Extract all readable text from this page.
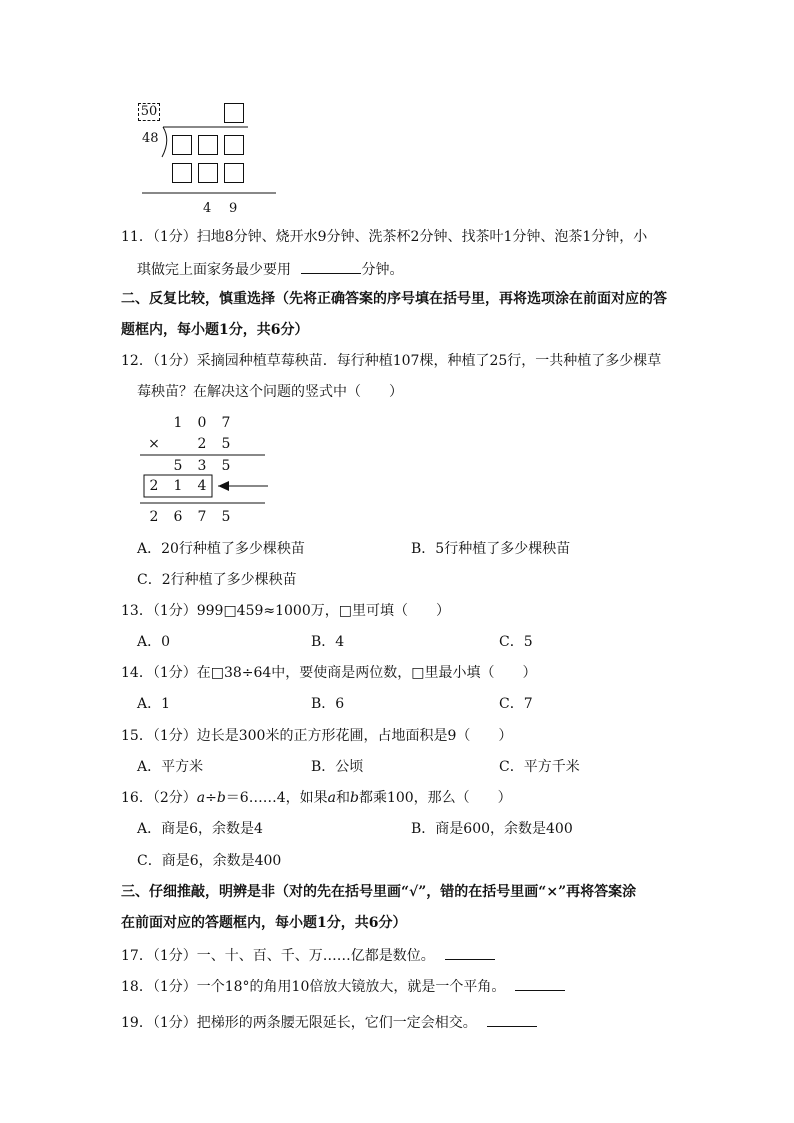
50
48
4 9
11．（1分）扫地8分钟、烧开水9分钟、洗茶杯2分钟、找茶叶1分钟、泡茶1分钟，小
琪做完上面家务最少要用	分钟。
二、反复比较，慎重选择（先将正确答案的序号填在括号里，再将选项涂在前面对应的答
题框内，每小题1分，共6分）
12．（1分）采摘园种植草莓秧苗．每行种植107棵，种植了25行，一共种植了多少棵草
莓秧苗？在解决这个问题的竖式中（　　）
1 0 7
×	2 5
5 3 5
2 1 4
2 6 7 5
A．20行种植了多少棵秧苗	B．5行种植了多少棵秧苗
C．2行种植了多少棵秧苗
13．（1分）999□459≈1000万，□里可填（　　）
A．0	B．4	C．5
14．（1分）在□38÷64中，要使商是两位数，□里最小填（　　）
A．1	B．6	C．7
15．（1分）边长是300米的正方形花圃，占地面积是9（　　）
A．平方米	B．公顷	C．平方千米
16．（2分）a÷b＝6……4，如果a和b都乘100，那么（　　）
A．商是6，余数是4	B．商是600，余数是400
C．商是6，余数是400
三、仔细推敲，明辨是非（对的先在括号里画“√”，错的在括号里画“×”再将答案涂
在前面对应的答题框内，每小题1分，共6分）
17．（1分）一、十、百、千、万……亿都是数位。
18．（1分）一个18°的角用10倍放大镜放大，就是一个平角。
19．（1分）把梯形的两条腰无限延长，它们一定会相交。
